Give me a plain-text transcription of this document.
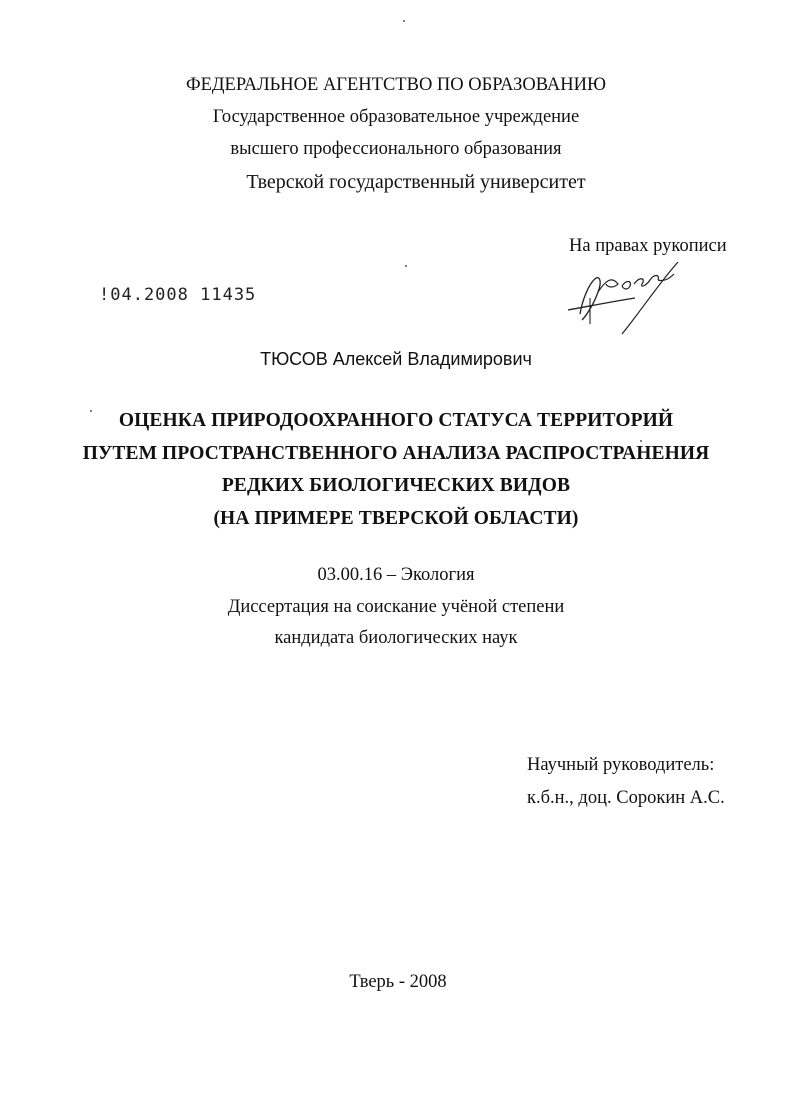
ФЕДЕРАЛЬНОЕ АГЕНТСТВО ПО ОБРАЗОВАНИЮ
Государственное образовательное учреждение
высшего профессионального образования
Тверской государственный университет
На правах рукописи
!04.2008 11435
ТЮСОВ Алексей Владимирович
ОЦЕНКА ПРИРОДООХРАННОГО СТАТУСА ТЕРРИТОРИЙ
ПУТЕМ ПРОСТРАНСТВЕННОГО АНАЛИЗА РАСПРОСТРАНЕНИЯ
РЕДКИХ БИОЛОГИЧЕСКИХ ВИДОВ
(НА ПРИМЕРЕ ТВЕРСКОЙ ОБЛАСТИ)
03.00.16 – Экология
Диссертация на соискание учёной степени
кандидата биологических наук
Научный руководитель:
к.б.н., доц. Сорокин А.С.
Тверь - 2008
